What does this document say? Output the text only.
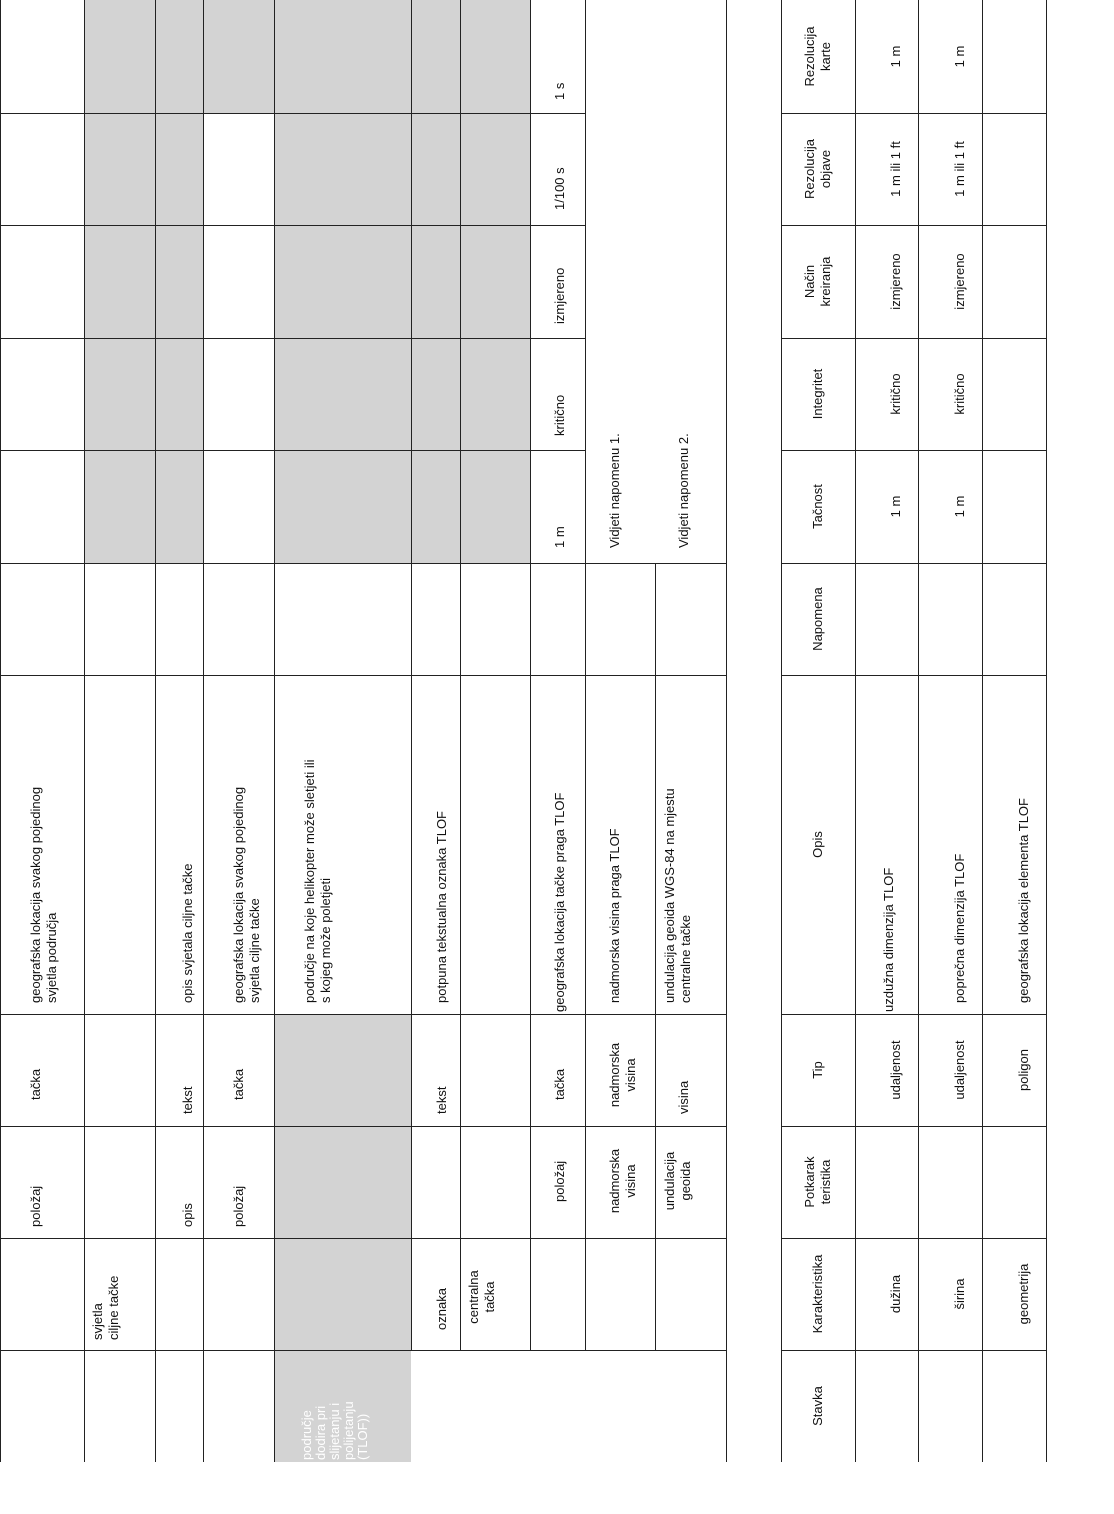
geografska lokacija svakog pojedinog
svjetla područja
tačka
položaj
svjetla
ciljne tačke
opis svjetala ciljne tačke
tekst
opis
geografska lokacija svakog pojedinog
svjetla ciljne tačke
tačka
položaj
područje
dodira pri
slijetanju i
polijetanju
(TLOF))
područje na koje helikopter može sletjeti ili
s kojeg može poletjeti
oznaka
tekst
potpuna tekstualna oznaka TLOF
centralna
tačka
položaj
tačka
geografska lokacija tačke praga TLOF
1 m
kritično
izmjereno
1/100 s
1 s
nadmorska
visina
nadmorska
visina
nadmorska visina praga TLOF
Vidjeti napomenu 1.
undulacija
geoida
visina
undulacija geoida WGS-84 na mjestu
centralne tačke
Vidjeti napomenu 2.
Stavka
Karakteristika
Potkarak
teristika
Tip
Opis
Napomena
Tačnost
Integritet
Način
kreiranja
Rezolucija
objave
Rezolucija
karte
dužina
udaljenost
uzdužna dimenzija TLOF
1 m
kritično
izmjereno
1 m ili 1 ft
1 m
širina
udaljenost
poprečna dimenzija TLOF
1 m
kritično
izmjereno
1 m ili 1 ft
1 m
geometrija
poligon
geografska lokacija elementa TLOF
